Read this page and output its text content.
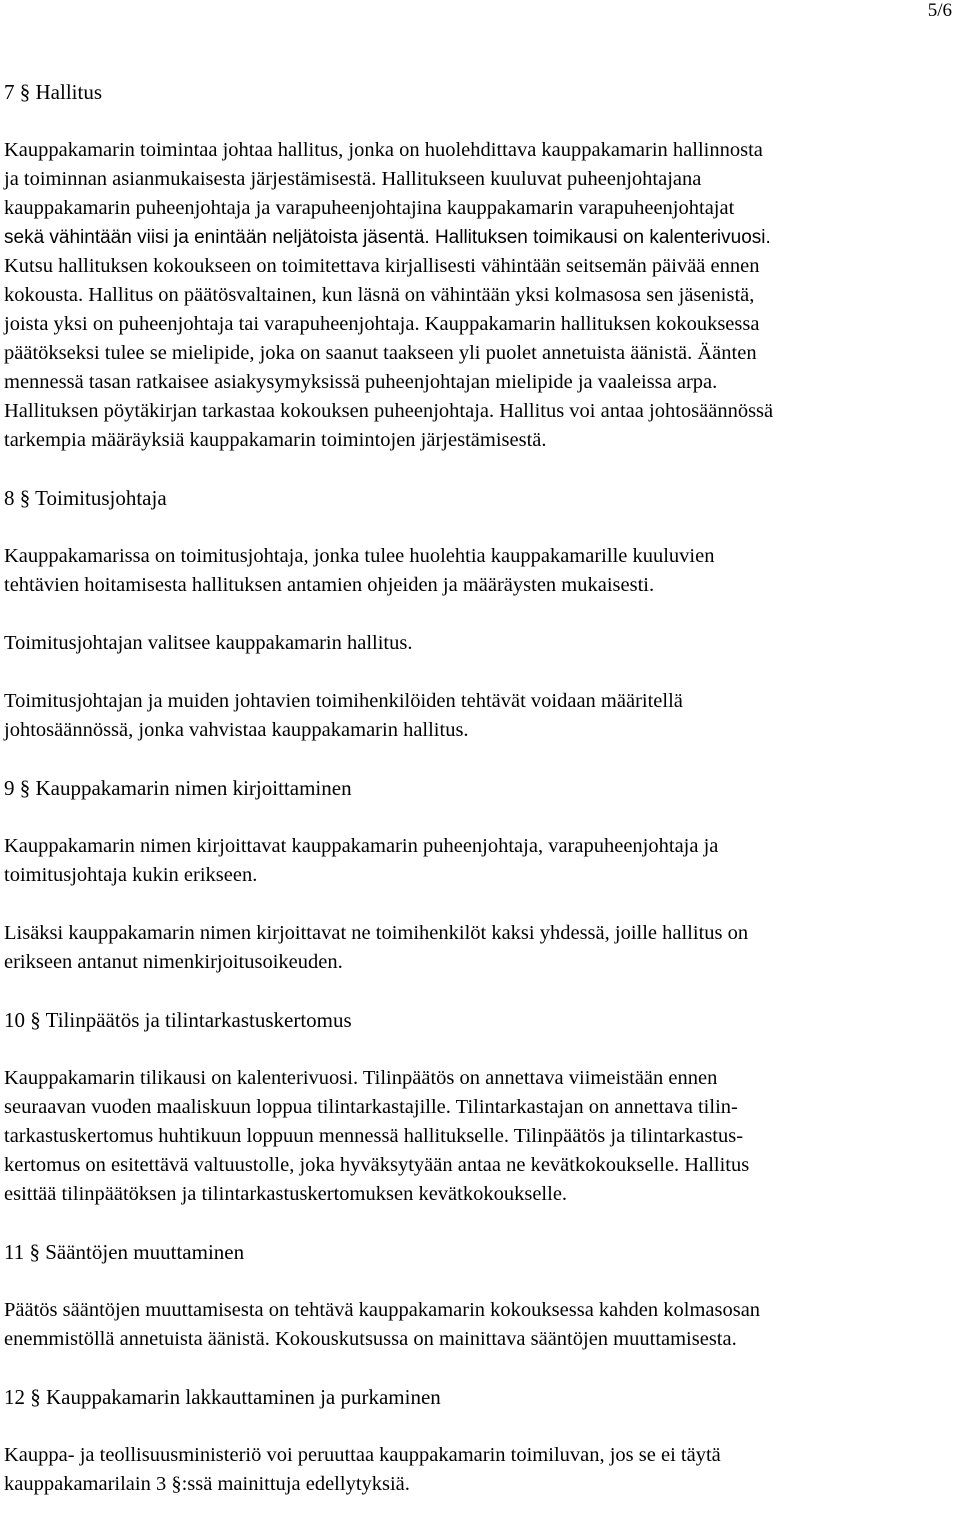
5/6
7 § Hallitus
Kauppakamarin toimintaa johtaa hallitus, jonka on huolehdittava kauppakamarin hallinnosta
ja toiminnan asianmukaisesta järjestämisestä. Hallitukseen kuuluvat puheenjohtajana
kauppakamarin puheenjohtaja ja varapuheenjohtajina kauppakamarin varapuheenjohtajat
sekä vähintään viisi ja enintään neljätoista jäsentä. Hallituksen toimikausi on kalenterivuosi.
Kutsu hallituksen kokoukseen on toimitettava kirjallisesti vähintään seitsemän päivää ennen
kokousta. Hallitus on päätösvaltainen, kun läsnä on vähintään yksi kolmasosa sen jäsenistä,
joista yksi on puheenjohtaja tai varapuheenjohtaja. Kauppakamarin hallituksen kokouksessa
päätökseksi tulee se mielipide, joka on saanut taakseen yli puolet annetuista äänistä. Äänten
mennessä tasan ratkaisee asiakysymyksissä puheenjohtajan mielipide ja vaaleissa arpa.
Hallituksen pöytäkirjan tarkastaa kokouksen puheenjohtaja. Hallitus voi antaa johtosäännössä
tarkempia määräyksiä kauppakamarin toimintojen järjestämisestä.
8 § Toimitusjohtaja
Kauppakamarissa on toimitusjohtaja, jonka tulee huolehtia kauppakamarille kuuluvien
tehtävien hoitamisesta hallituksen antamien ohjeiden ja määräysten mukaisesti.
Toimitusjohtajan valitsee kauppakamarin hallitus.
Toimitusjohtajan ja muiden johtavien toimihenkilöiden tehtävät voidaan määritellä
johtosäännössä, jonka vahvistaa kauppakamarin hallitus.
9 § Kauppakamarin nimen kirjoittaminen
Kauppakamarin nimen kirjoittavat kauppakamarin puheenjohtaja, varapuheenjohtaja ja
toimitusjohtaja kukin erikseen.
Lisäksi kauppakamarin nimen kirjoittavat ne toimihenkilöt kaksi yhdessä, joille hallitus on
erikseen antanut nimenkirjoitusoikeuden.
10 § Tilinpäätös ja tilintarkastuskertomus
Kauppakamarin tilikausi on kalenterivuosi. Tilinpäätös on annettava viimeistään ennen
seuraavan vuoden maaliskuun loppua tilintarkastajille. Tilintarkastajan on annettava tilin-
tarkastuskertomus huhtikuun loppuun mennessä hallitukselle. Tilinpäätös ja tilintarkastus-
kertomus on esitettävä valtuustolle, joka hyväksytyään antaa ne kevätkokoukselle. Hallitus
esittää tilinpäätöksen ja tilintarkastuskertomuksen kevätkokoukselle.
11 § Sääntöjen muuttaminen
Päätös sääntöjen muuttamisesta on tehtävä kauppakamarin kokouksessa kahden kolmasosan
enemmistöllä annetuista äänistä. Kokouskutsussa on mainittava sääntöjen muuttamisesta.
12 § Kauppakamarin lakkauttaminen ja purkaminen
Kauppa- ja teollisuusministeriö voi peruuttaa kauppakamarin toimiluvan, jos se ei täytä
kauppakamarilain 3 §:ssä mainittuja edellytyksiä.
